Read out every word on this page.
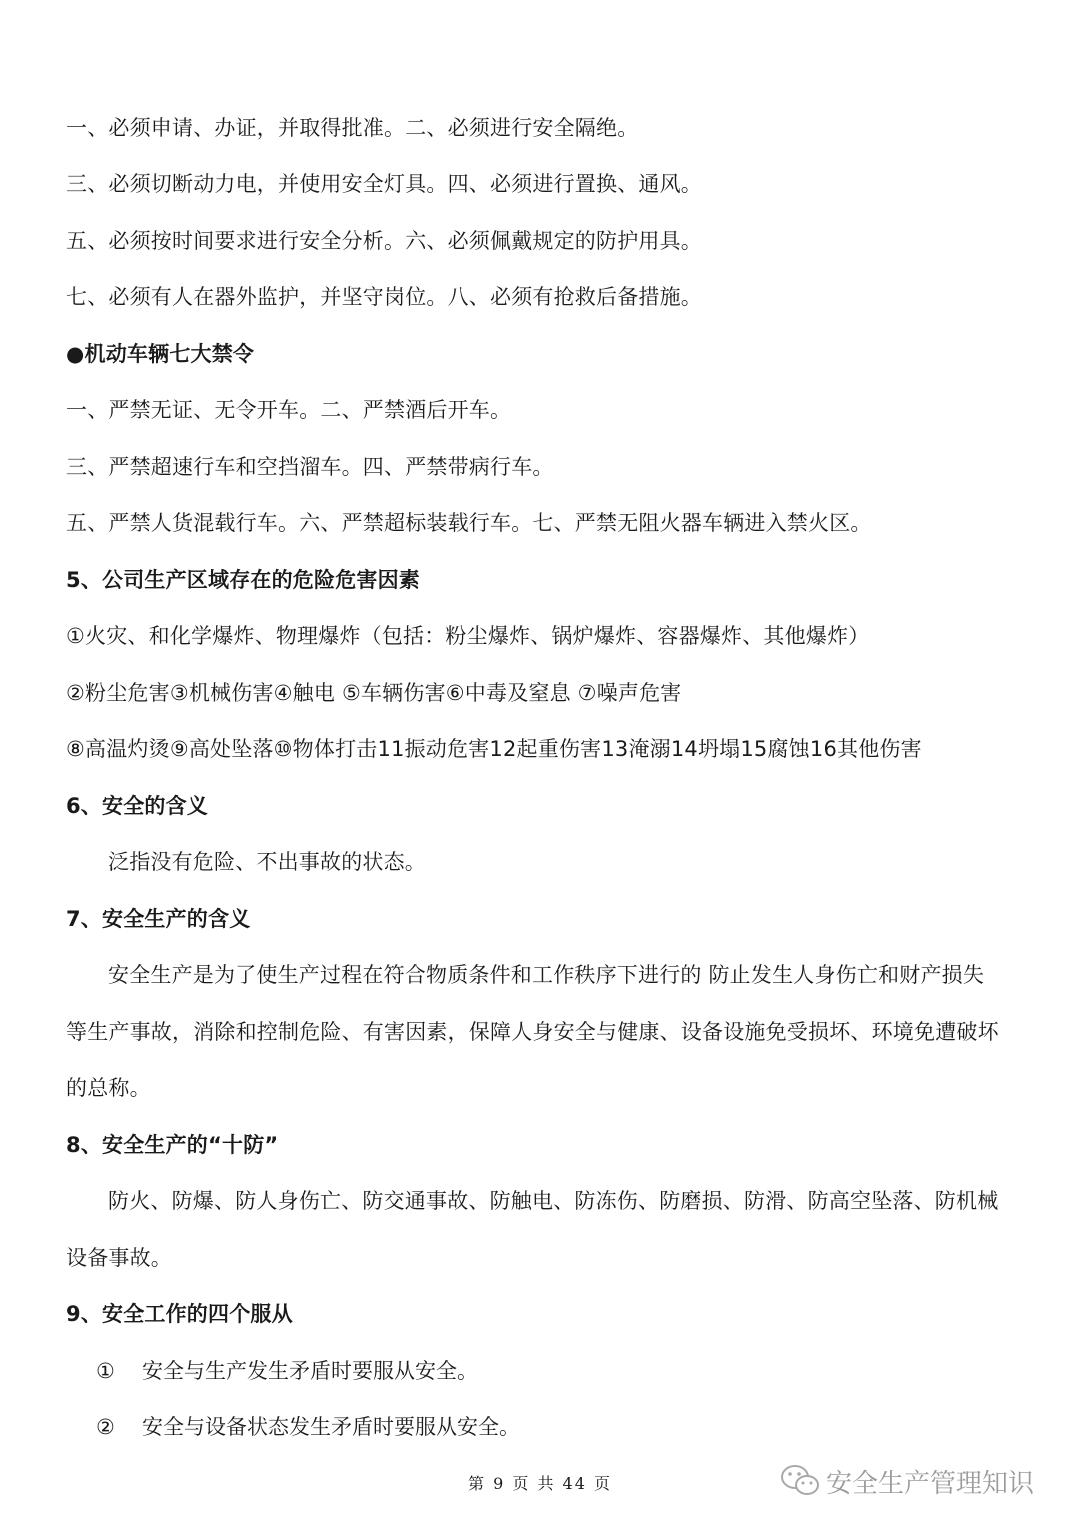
一、必须申请、办证，并取得批准。二、必须进行安全隔绝。
三、必须切断动力电，并使用安全灯具。四、必须进行置换、通风。
五、必须按时间要求进行安全分析。六、必须佩戴规定的防护用具。
七、必须有人在器外监护，并坚守岗位。八、必须有抢救后备措施。
●机动车辆七大禁令
一、严禁无证、无令开车。二、严禁酒后开车。
三、严禁超速行车和空挡溜车。四、严禁带病行车。
五、严禁人货混载行车。六、严禁超标装载行车。七、严禁无阻火器车辆进入禁火区。
5、公司生产区域存在的危险危害因素
①火灾、和化学爆炸、物理爆炸（包括：粉尘爆炸、锅炉爆炸、容器爆炸、其他爆炸）
②粉尘危害③机械伤害④触电 ⑤车辆伤害⑥中毒及窒息 ⑦噪声危害
⑧高温灼烫⑨高处坠落⑩物体打击11振动危害12起重伤害13淹溺14坍塌15腐蚀16其他伤害
6、安全的含义
泛指没有危险、不出事故的状态。
7、安全生产的含义
安全生产是为了使生产过程在符合物质条件和工作秩序下进行的 防止发生人身伤亡和财产损失
等生产事故，消除和控制危险、有害因素，保障人身安全与健康、设备设施免受损坏、环境免遭破坏
的总称。
8、安全生产的“十防”
防火、防爆、防人身伤亡、防交通事故、防触电、防冻伤、防磨损、防滑、防高空坠落、防机械
设备事故。
9、安全工作的四个服从
① 安全与生产发生矛盾时要服从安全。
② 安全与设备状态发生矛盾时要服从安全。
第 9 页 共 44 页	安全生产管理知识
